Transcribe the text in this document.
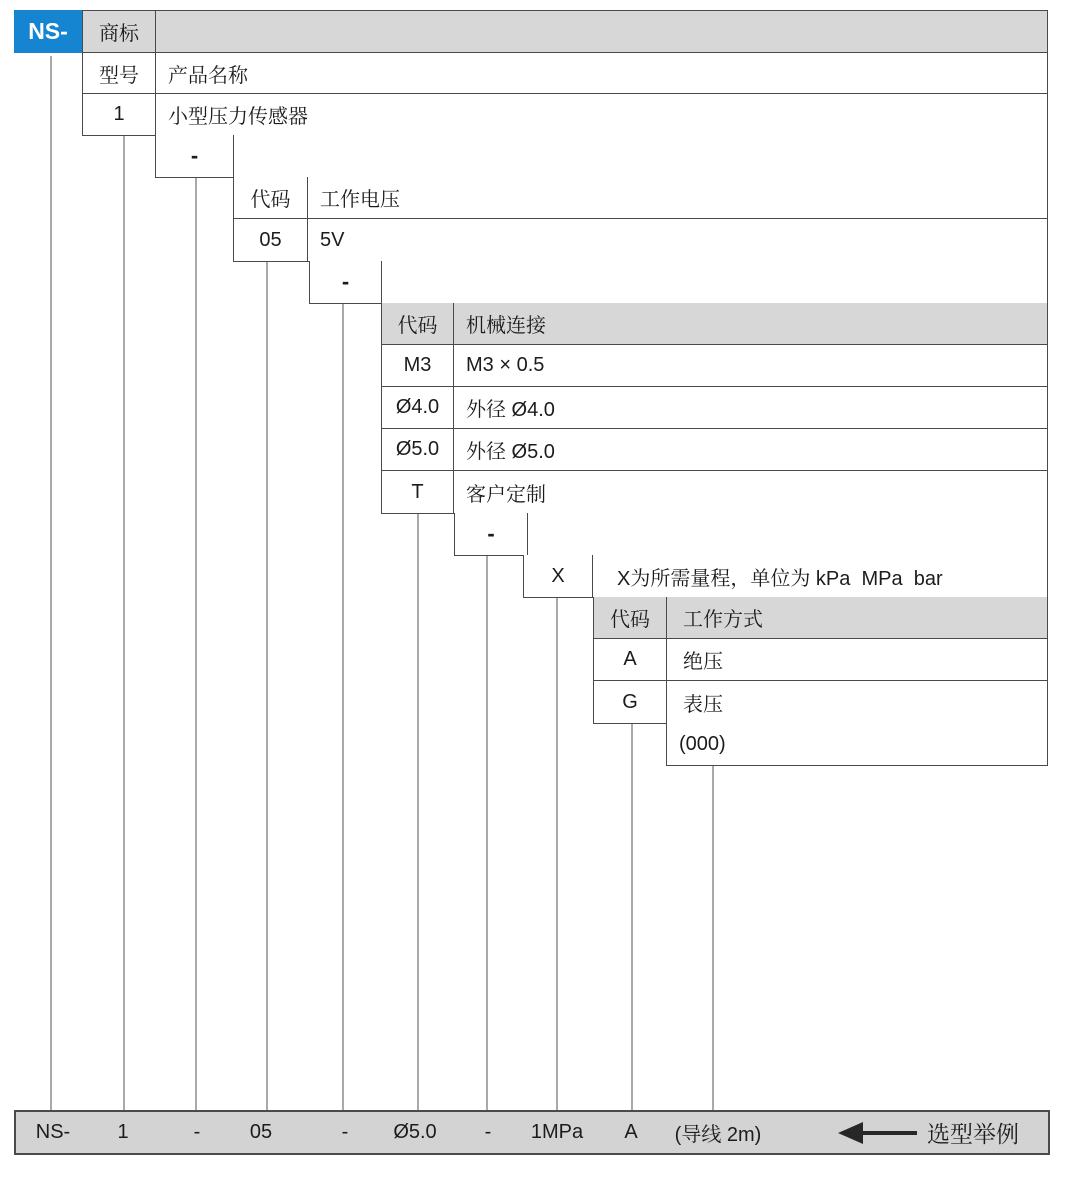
NS-	商标
型号	产品名称
1	小型压力传感器
-
代码	工作电压
05	5V
-
代码	机械连接
M3	M3 × 0.5
Ø4.0	外径 Ø4.0
Ø5.0	外径 Ø5.0
T	客户定制
-
X	X为所需量程，单位为 kPa  MPa  bar
代码	工作方式
A	绝压
G	表压
(000)
NS-	1	-	05	-	Ø5.0	-	1MPa	A	(导线 2m)	选型举例
